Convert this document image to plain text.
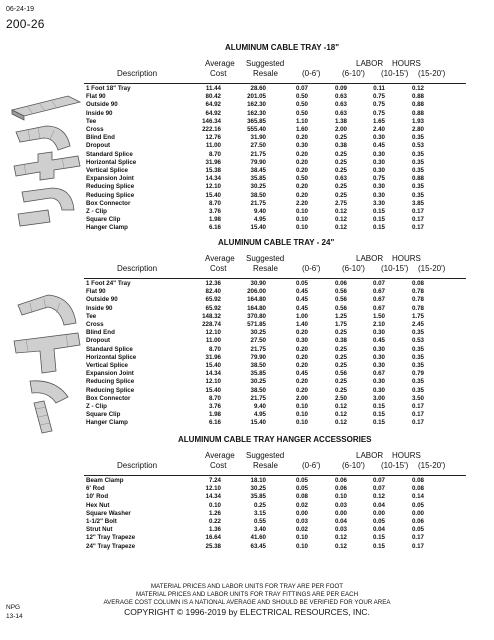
06-24-19
200-26
ALUMINUM CABLE TRAY -18"
Average Suggested	LABOR HOURS
Description	Cost	Resale	(0-6')	(6-10') (10-15') (15-20')
1 Foot 18" Tray	11.44	28.60	0.07	0.09	0.11	0.12
Flat 90	80.42	201.05	0.50	0.63	0.75	0.88
Outside 90	64.92	162.30	0.50	0.63	0.75	0.88
Inside 90	64.92	162.30	0.50	0.63	0.75	0.88
Tee	146.34	365.85	1.10	1.38	1.65	1.93
Cross	222.16	555.40	1.60	2.00	2.40	2.80
Blind End	12.76	31.90	0.20	0.25	0.30	0.35
Dropout	11.00	27.50	0.30	0.38	0.45	0.53
Standard Splice	8.70	21.75	0.20	0.25	0.30	0.35
Horizontal Splice	31.96	79.90	0.20	0.25	0.30	0.35
Vertical Splice	15.38	38.45	0.20	0.25	0.30	0.35
Expansion Joint	14.34	35.85	0.50	0.63	0.75	0.88
Reducing Splice	12.10	30.25	0.20	0.25	0.30	0.35
Reducing Splice	15.40	38.50	0.20	0.25	0.30	0.35
Box Connector	8.70	21.75	2.20	2.75	3.30	3.85
Z - Clip	3.76	9.40	0.10	0.12	0.15	0.17
Square Clip	1.98	4.95	0.10	0.12	0.15	0.17
Hanger Clamp	6.16	15.40	0.10	0.12	0.15	0.17
ALUMINUM CABLE TRAY - 24"
Average Suggested	LABOR HOURS
Description	Cost	Resale	(0-6')	(6-10') (10-15') (15-20')
1 Foot 24" Tray	12.36	30.90	0.05	0.06	0.07	0.08
Flat 90	82.40	206.00	0.45	0.56	0.67	0.78
Outside 90	65.92	164.80	0.45	0.56	0.67	0.78
Inside 90	65.92	164.80	0.45	0.56	0.67	0.78
Tee	148.32	370.80	1.00	1.25	1.50	1.75
Cross	228.74	571.85	1.40	1.75	2.10	2.45
Blind End	12.10	30.25	0.20	0.25	0.30	0.35
Dropout	11.00	27.50	0.30	0.38	0.45	0.53
Standard Splice	8.70	21.75	0.20	0.25	0.30	0.35
Horizontal Splice	31.96	79.90	0.20	0.25	0.30	0.35
Vertical Splice	15.40	38.50	0.20	0.25	0.30	0.35
Expansion Joint	14.34	35.85	0.45	0.56	0.67	0.79
Reducing Splice	12.10	30.25	0.20	0.25	0.30	0.35
Reducing Splice	15.40	38.50	0.20	0.25	0.30	0.35
Box Connector	8.70	21.75	2.00	2.50	3.00	3.50
Z - Clip	3.76	9.40	0.10	0.12	0.15	0.17
Square Clip	1.98	4.95	0.10	0.12	0.15	0.17
Hanger Clamp	6.16	15.40	0.10	0.12	0.15	0.17
ALUMINUM CABLE TRAY HANGER ACCESSORIES
Average Suggested	LABOR HOURS
Description	Cost	Resale	(0-6')	(6-10') (10-15') (15-20')
Beam Clamp	7.24	18.10	0.05	0.06	0.07	0.08
6' Rod	12.10	30.25	0.05	0.06	0.07	0.08
10' Rod	14.34	35.85	0.08	0.10	0.12	0.14
Hex Nut	0.10	0.25	0.02	0.03	0.04	0.05
Square Washer	1.26	3.15	0.00	0.00	0.00	0.00
1-1/2" Bolt	0.22	0.55	0.03	0.04	0.05	0.06
Strut Nut	1.36	3.40	0.02	0.03	0.04	0.05
12" Tray Trapeze	16.64	41.60	0.10	0.12	0.15	0.17
24" Tray Trapeze	25.38	63.45	0.10	0.12	0.15	0.17
MATERIAL PRICES AND LABOR UNITS FOR TRAY ARE PER FOOT
MATERIAL PRICES AND LABOR UNITS FOR TRAY FITTINGS ARE PER EACH
AVERAGE COST COLUMN IS A NATIONAL AVERAGE AND SHOULD BE VERIFIED FOR YOUR AREA
COPYRIGHT © 1996-2019 by ELECTRICAL RESOURCES, INC.
NPG
13-14
